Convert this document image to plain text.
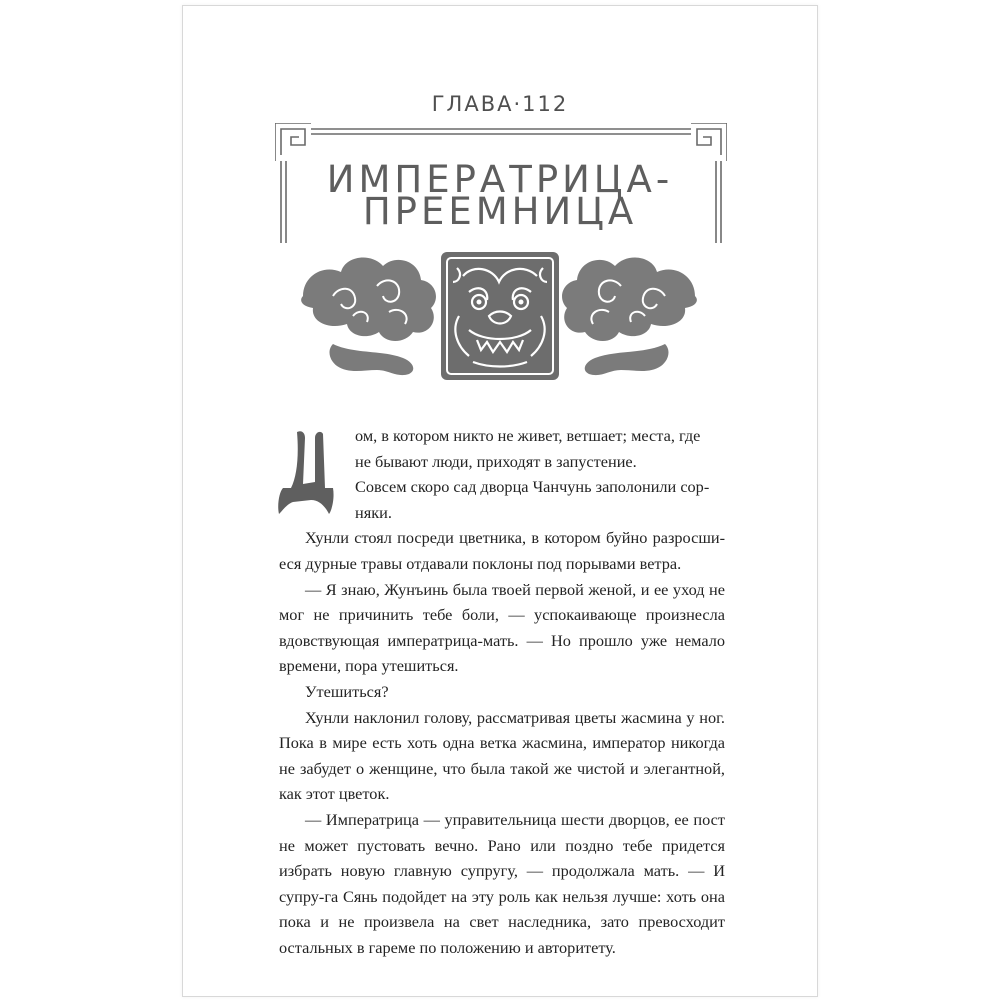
ГЛАВА·112
ИМПЕРАТРИЦА-
ПРЕЕМНИЦА

ом, в котором никто не живет, ветшает; места, где
не бывают люди, приходят в запустение.

Совсем скоро сад дворца Чанчунь заполонили сор-
няки.

Хунли стоял посреди цветника, в котором буйно разросши-еся дурные травы отдавали поклоны под порывами ветра.

— Я знаю, Жунъинь была твоей первой женой, и ее уход не мог не причинить тебе боли, — успокаивающе произнесла вдовствующая императрица-мать. — Но прошло уже немало времени, пора утешиться.

Утешиться?

Хунли наклонил голову, рассматривая цветы жасмина у ног. Пока в мире есть хоть одна ветка жасмина, император никогда не забудет о женщине, что была такой же чистой и элегантной, как этот цветок.

— Императрица — управительница шести дворцов, ее пост не может пустовать вечно. Рано или поздно тебе придется избрать новую главную супругу, — продолжала мать. — И супру-га Сянь подойдет на эту роль как нельзя лучше: хоть она пока и не произвела на свет наследника, зато превосходит остальных в гареме по положению и авторитету.
